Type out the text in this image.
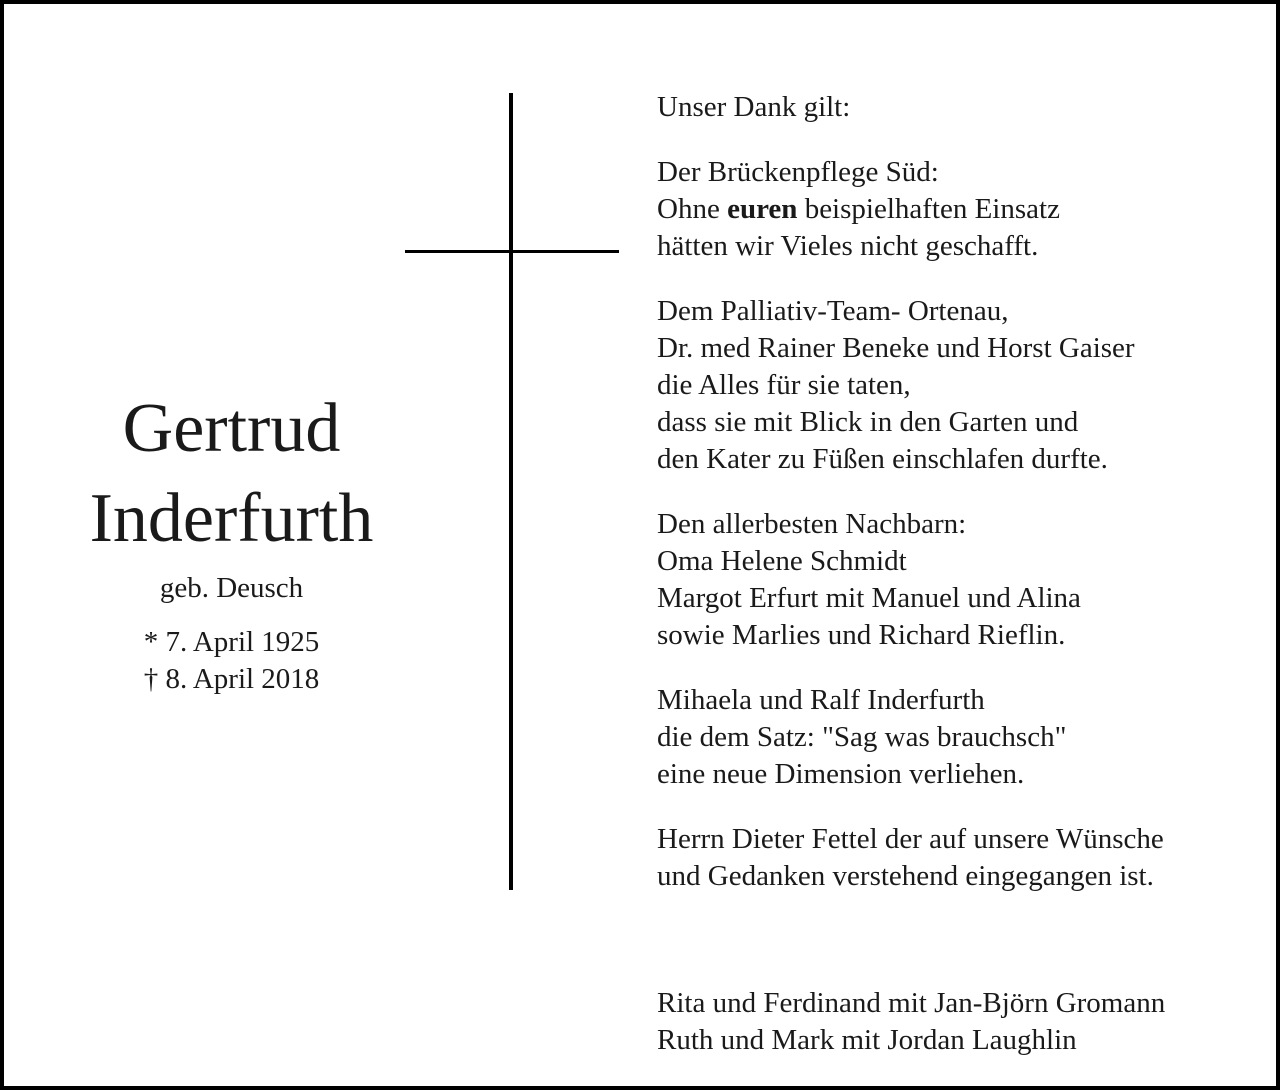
Gertrud
Inderfurth
geb. Deusch
* 7. April 1925
† 8. April 2018

Unser Dank gilt:

Der Brückenpflege Süd:
Ohne euren beispielhaften Einsatz
hätten wir Vieles nicht geschafft.

Dem Palliativ-Team- Ortenau,
Dr. med Rainer Beneke und Horst Gaiser
die Alles für sie taten,
dass sie mit Blick in den Garten und
den Kater zu Füßen einschlafen durfte.

Den allerbesten Nachbarn:
Oma Helene Schmidt
Margot Erfurt mit Manuel und Alina
sowie Marlies und Richard Rieflin.

Mihaela und Ralf Inderfurth
die dem Satz: "Sag was brauchsch"
eine neue Dimension verliehen.

Herrn Dieter Fettel der auf unsere Wünsche
und Gedanken verstehend eingegangen ist.

Rita und Ferdinand mit Jan-Björn Gromann
Ruth und Mark mit Jordan Laughlin
